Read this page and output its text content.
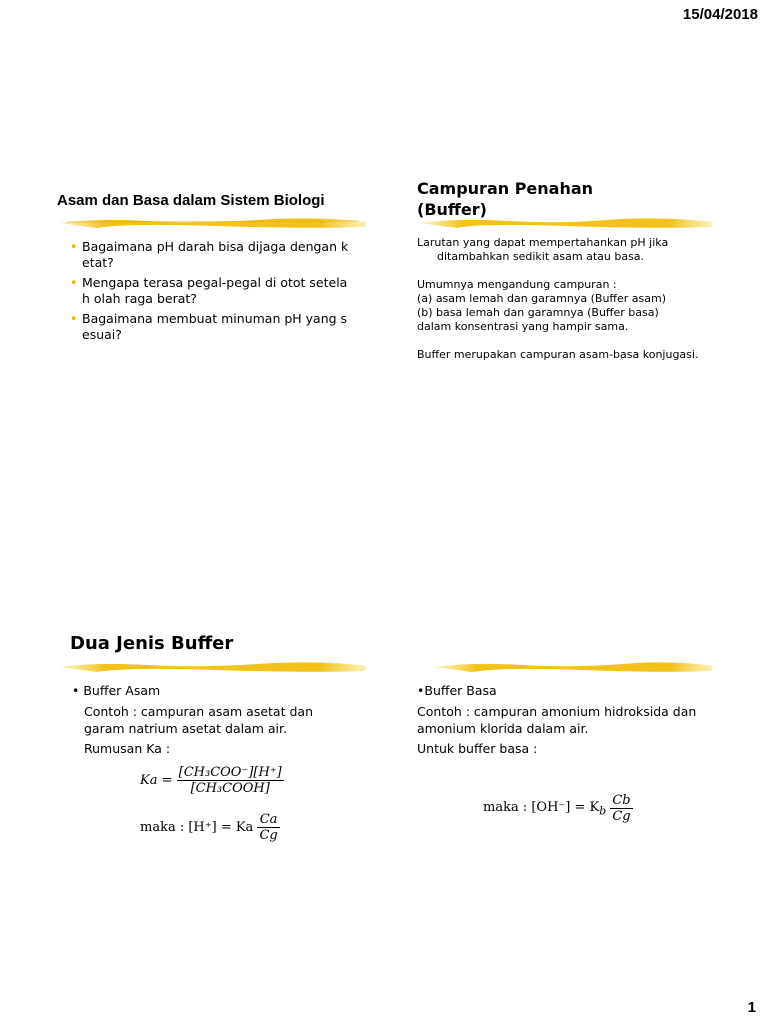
15/04/2018
1
Asam dan Basa dalam Sistem Biologi
• Bagaimana pH darah bisa dijaga dengan k
etat?
• Mengapa terasa pegal-pegal di otot setela
h olah raga berat?
• Bagaimana membuat minuman pH yang s
esuai?
Campuran Penahan
(Buffer)

Larutan yang dapat mempertahankan pH jika

ditambahkan sedikit asam atau basa.

Umumnya mengandung campuran :

(a) asam lemah dan garamnya (Buffer asam)

(b) basa lemah dan garamnya (Buffer basa)

dalam konsentrasi yang hampir sama.

Buffer merupakan campuran asam-basa konjugasi.

Dua Jenis Buffer
• Buffer Asam
Contoh : campuran asam asetat dan
garam natrium asetat dalam air.
Rumusan Ka :
$Ka = \frac{\text{[CH₃COO⁻][H⁺]}}{\text{[CH₃COOH]}}$
maka : [H⁺] = Ka $\frac{Ca}{Cg}$
•Buffer Basa
Contoh : campuran amonium hidroksida dan
amonium klorida dalam air.
Untuk buffer basa :
maka : $[OH^-] = K_b \frac{Cb}{Cg}$
